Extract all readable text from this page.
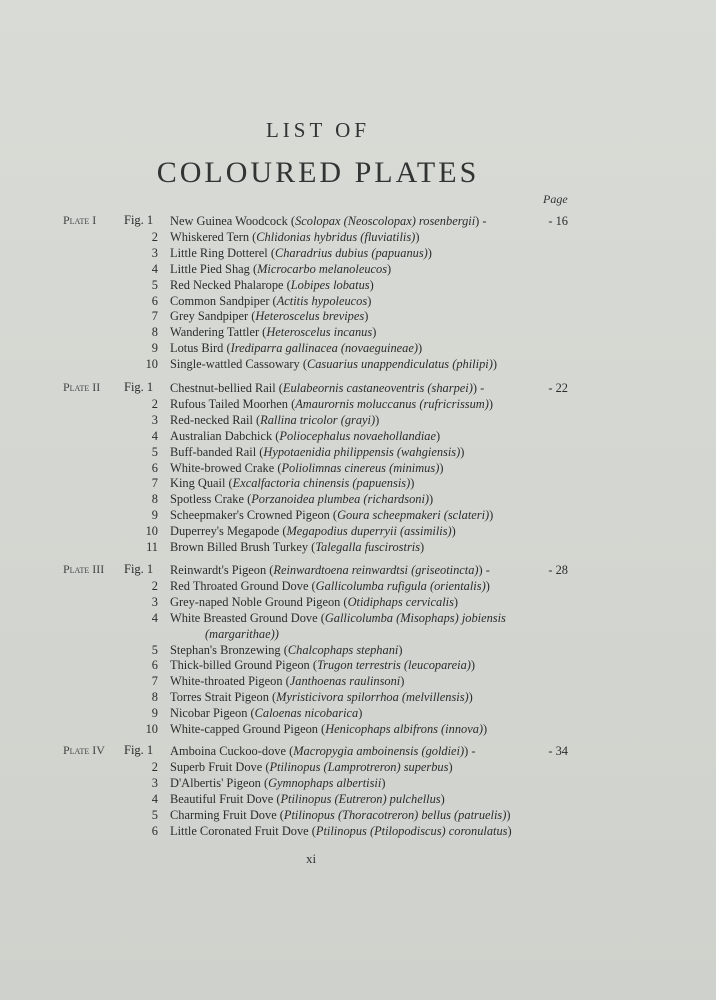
LIST OF
COLOURED PLATES
Page
Plate I Fig. 1 New Guinea Woodcock (Scolopax (Neoscolopax) rosenbergii) -	- 16
2 Whiskered Tern (Chlidonias hybridus (fluviatilis))
3 Little Ring Dotterel (Charadrius dubius (papuanus))
4 Little Pied Shag (Microcarbo melanoleucos)
5 Red Necked Phalarope (Lobipes lobatus)
6 Common Sandpiper (Actitis hypoleucos)
7 Grey Sandpiper (Heteroscelus brevipes)
8 Wandering Tattler (Heteroscelus incanus)
9 Lotus Bird (Irediparra gallinacea (novaeguineae))
10 Single-wattled Cassowary (Casuarius unappendiculatus (philipi))
Plate II Fig. 1 Chestnut-bellied Rail (Eulabeornis castaneoventris (sharpei)) -	- 22
2 Rufous Tailed Moorhen (Amaurornis moluccanus (rufricrissum))
3 Red-necked Rail (Rallina tricolor (grayi))
4 Australian Dabchick (Poliocephalus novaehollandiae)
5 Buff-banded Rail (Hypotaenidia philippensis (wahgiensis))
6 White-browed Crake (Poliolimnas cinereus (minimus))
7 King Quail (Excalfactoria chinensis (papuensis))
8 Spotless Crake (Porzanoidea plumbea (richardsoni))
9 Scheepmaker's Crowned Pigeon (Goura scheepmakeri (sclateri))
10 Duperrey's Megapode (Megapodius duperryii (assimilis))
11 Brown Billed Brush Turkey (Talegalla fuscirostris)
Plate III Fig. 1 Reinwardt's Pigeon (Reinwardtoena reinwardtsi (griseotincta)) -	- 28
2 Red Throated Ground Dove (Gallicolumba rufigula (orientalis))
3 Grey-naped Noble Ground Pigeon (Otidiphaps cervicalis)
4 White Breasted Ground Dove (Gallicolumba (Misophaps) jobiensis
(margarithae))
5 Stephan's Bronzewing (Chalcophaps stephani)
6 Thick-billed Ground Pigeon (Trugon terrestris (leucopareia))
7 White-throated Pigeon (Janthoenas raulinsoni)
8 Torres Strait Pigeon (Myristicivora spilorrhoa (melvillensis))
9 Nicobar Pigeon (Caloenas nicobarica)
10 White-capped Ground Pigeon (Henicophaps albifrons (innova))
Plate IV Fig. 1 Amboina Cuckoo-dove (Macropygia amboinensis (goldiei)) -	- 34
2 Superb Fruit Dove (Ptilinopus (Lamprotreron) superbus)
3 D'Albertis' Pigeon (Gymnophaps albertisii)
4 Beautiful Fruit Dove (Ptilinopus (Eutreron) pulchellus)
5 Charming Fruit Dove (Ptilinopus (Thoracotreron) bellus (patruelis))
6 Little Coronated Fruit Dove (Ptilinopus (Ptilopodiscus) coronulatus)
xi
